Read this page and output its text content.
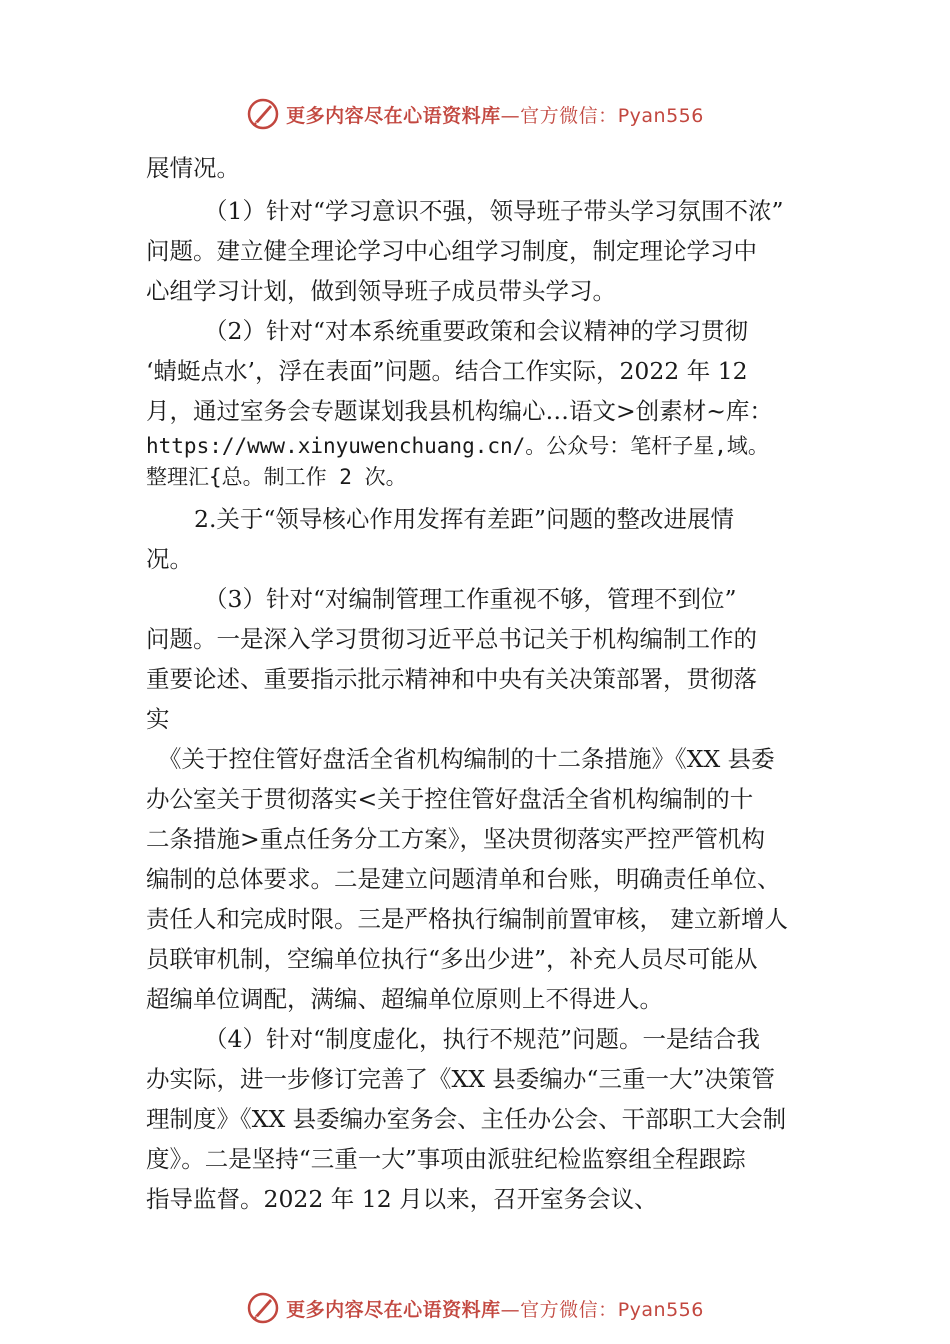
更多内容尽在心语资料库—官方微信：Pyan556
展情况。
（1）针对“学习意识不强，领导班子带头学习氛围不浓”
问题。建立健全理论学习中心组学习制度，制定理论学习中
心组学习计划，做到领导班子成员带头学习。
（2）针对“对本系统重要政策和会议精神的学习贯彻
‘蜻蜓点水’，浮在表面”问题。结合工作实际，2022 年 12
月，通过室务会专题谋划我县机构编心…语文>创素材~库：
https://www.xinyuwenchuang.cn/。公众号：笔杆子星,域。
整理汇{总。制工作 2 次。
2.关于“领导核心作用发挥有差距”问题的整改进展情
况。
（3）针对“对编制管理工作重视不够，管理不到位”
问题。一是深入学习贯彻习近平总书记关于机构编制工作的
重要论述、重要指示批示精神和中央有关决策部署，贯彻落
实
《关于控住管好盘活全省机构编制的十二条措施》《XX 县委
办公室关于贯彻落实<关于控住管好盘活全省机构编制的十
二条措施>重点任务分工方案》，坚决贯彻落实严控严管机构
编制的总体要求。二是建立问题清单和台账，明确责任单位、
责任人和完成时限。三是严格执行编制前置审核， 建立新增人
员联审机制，空编单位执行“多出少进”，补充人员尽可能从
超编单位调配，满编、超编单位原则上不得进人。
（4）针对“制度虚化，执行不规范”问题。一是结合我
办实际，进一步修订完善了《XX 县委编办“三重一大”决策管
理制度》《XX 县委编办室务会、主任办公会、干部职工大会制
度》。二是坚持“三重一大”事项由派驻纪检监察组全程跟踪
指导监督。2022 年 12 月以来，召开室务会议、
更多内容尽在心语资料库—官方微信：Pyan556
